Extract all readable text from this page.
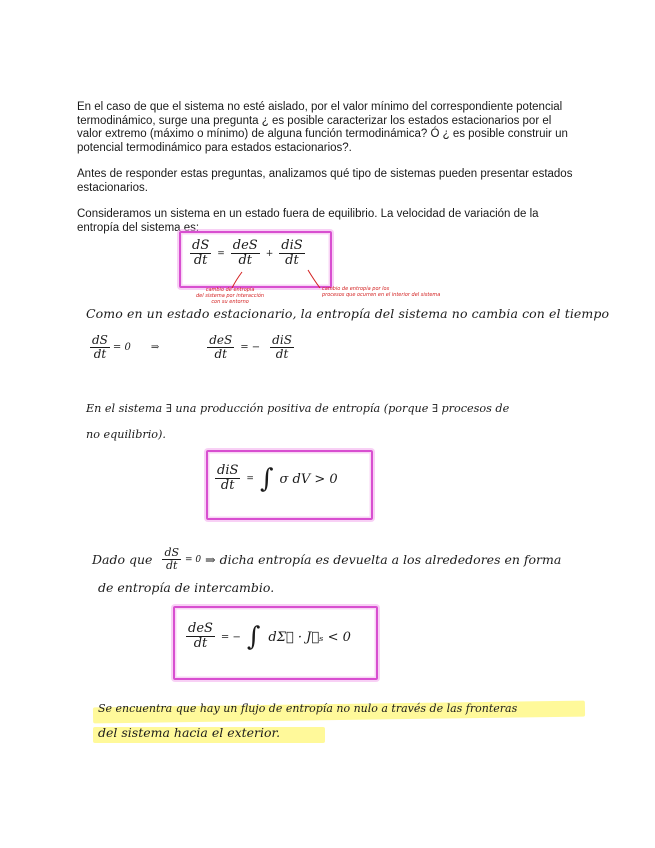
En el caso de que el sistema no esté aislado, por el valor mínimo del correspondiente potencial termodinámico, surge una pregunta ¿ es posible caracterizar los estados estacionarios por el valor extremo (máximo o mínimo) de alguna función termodinámica? Ó ¿ es posible construir un potencial termodinámico para estados estacionarios?.

Antes de responder estas preguntas, analizamos qué tipo de sistemas pueden presentar estados estacionarios.

Consideramos un sistema en un estado fuera de equilibrio. La velocidad de variación de la entropía del sistema es:

$\frac{dS}{dt} = \frac{\text{deS}}{dt} + \frac{\text{diS}}{dt}$
cambio de entropía
del sistema por interacción
con su entorno
cambio de entropía por los
procesos que ocurren en el interior del sistema

Como en un estado estacionario, la entropía del sistema no cambia con el tiempo

$\frac{dS}{dt} = 0$ ⇒	$\frac{\text{deS}}{dt}$ = − $\frac{\text{diS}}{dt}$

En el sistema ∃ una producción positiva de entropía (porque ∃ procesos de

no equilibrio).

$\frac{\text{diS}}{dt}$ = ∫ σ dV > 0
Dado que $\frac{dS}{dt} = 0$ ⇒ dicha entropía es devuelta a los alrededores en forma

de entropía de intercambio.

$\frac{\text{deS}}{dt}$ = − ∫ dΣ⃗ · J⃗ₛ < 0

Se encuentra que hay un flujo de entropía no nulo a través de las fronteras

del sistema hacia el exterior.
